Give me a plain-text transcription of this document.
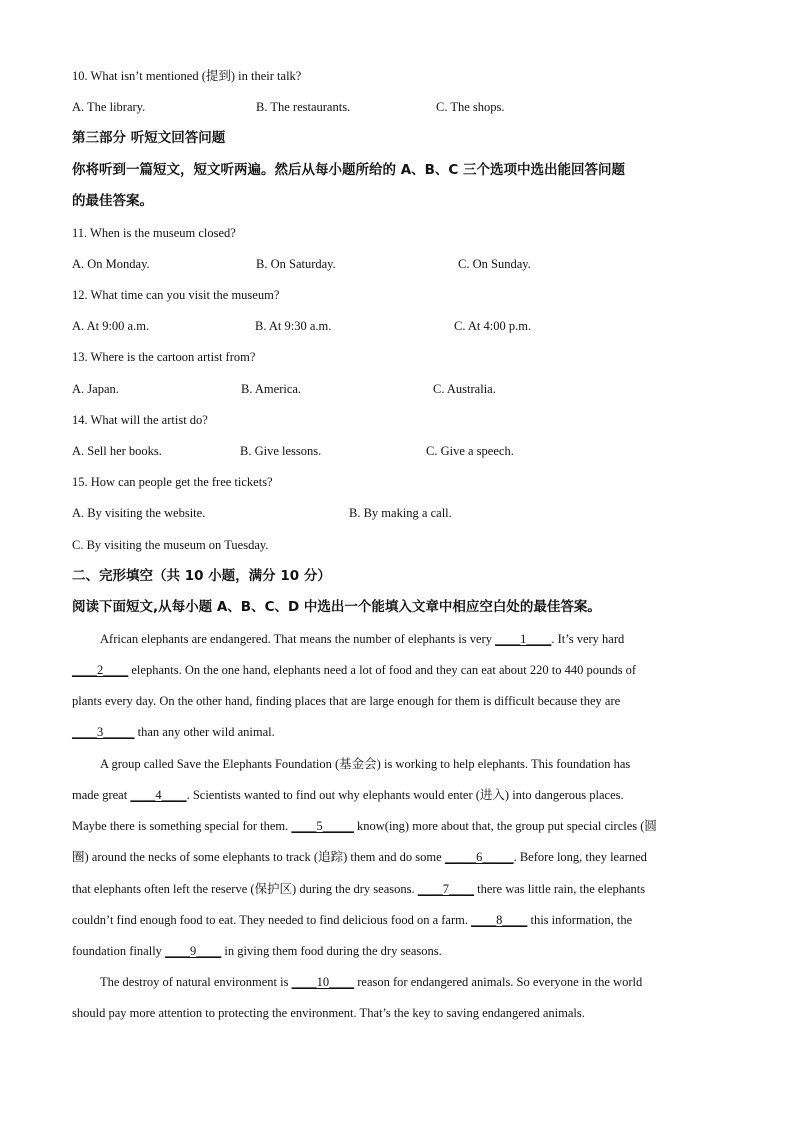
10. What isn’t mentioned (提到) in their talk?
A. The library.	B. The restaurants.	C. The shops.
第三部分 听短文回答问题
你将听到一篇短文，短文听两遍。然后从每小题所给的 A、B、C 三个选项中选出能回答问题
的最佳答案。
11. When is the museum closed?
A. On Monday.	B. On Saturday.	C. On Sunday.
12. What time can you visit the museum?
A. At 9:00 a.m.	B. At 9:30 a.m.	C. At 4:00 p.m.
13. Where is the cartoon artist from?
A. Japan.	B. America.	C. Australia.
14. What will the artist do?
A. Sell her books.	B. Give lessons.	C. Give a speech.
15. How can people get the free tickets?
A. By visiting the website.	B. By making a call.
C. By visiting the museum on Tuesday.
二、完形填空（共 10 小题，满分 10 分）
阅读下面短文,从每小题 A、B、C、D 中选出一个能填入文章中相应空白处的最佳答案。
African elephants are endangered. That means the number of elephants is very ____1____. It’s very hard
____2____ elephants. On the one hand, elephants need a lot of food and they can eat about 220 to 440 pounds of
plants every day. On the other hand, finding places that are large enough for them is difficult because they are
____3_____ than any other wild animal.
A group called Save the Elephants Foundation (基金会) is working to help elephants. This foundation has
made great ____4____. Scientists wanted to find out why elephants would enter (进入) into dangerous places.
Maybe there is something special for them. ____5_____ know(ing) more about that, the group put special circles (圆
圈) around the necks of some elephants to track (追踪) them and do some _____6_____. Before long, they learned
that elephants often left the reserve (保护区) during the dry seasons. ____7____ there was little rain, the elephants
couldn’t find enough food to eat. They needed to find delicious food on a farm. ____8____ this information, the
foundation finally ____9____ in giving them food during the dry seasons.
The destroy of natural environment is ____10____ reason for endangered animals. So everyone in the world
should pay more attention to protecting the environment. That’s the key to saving endangered animals.
